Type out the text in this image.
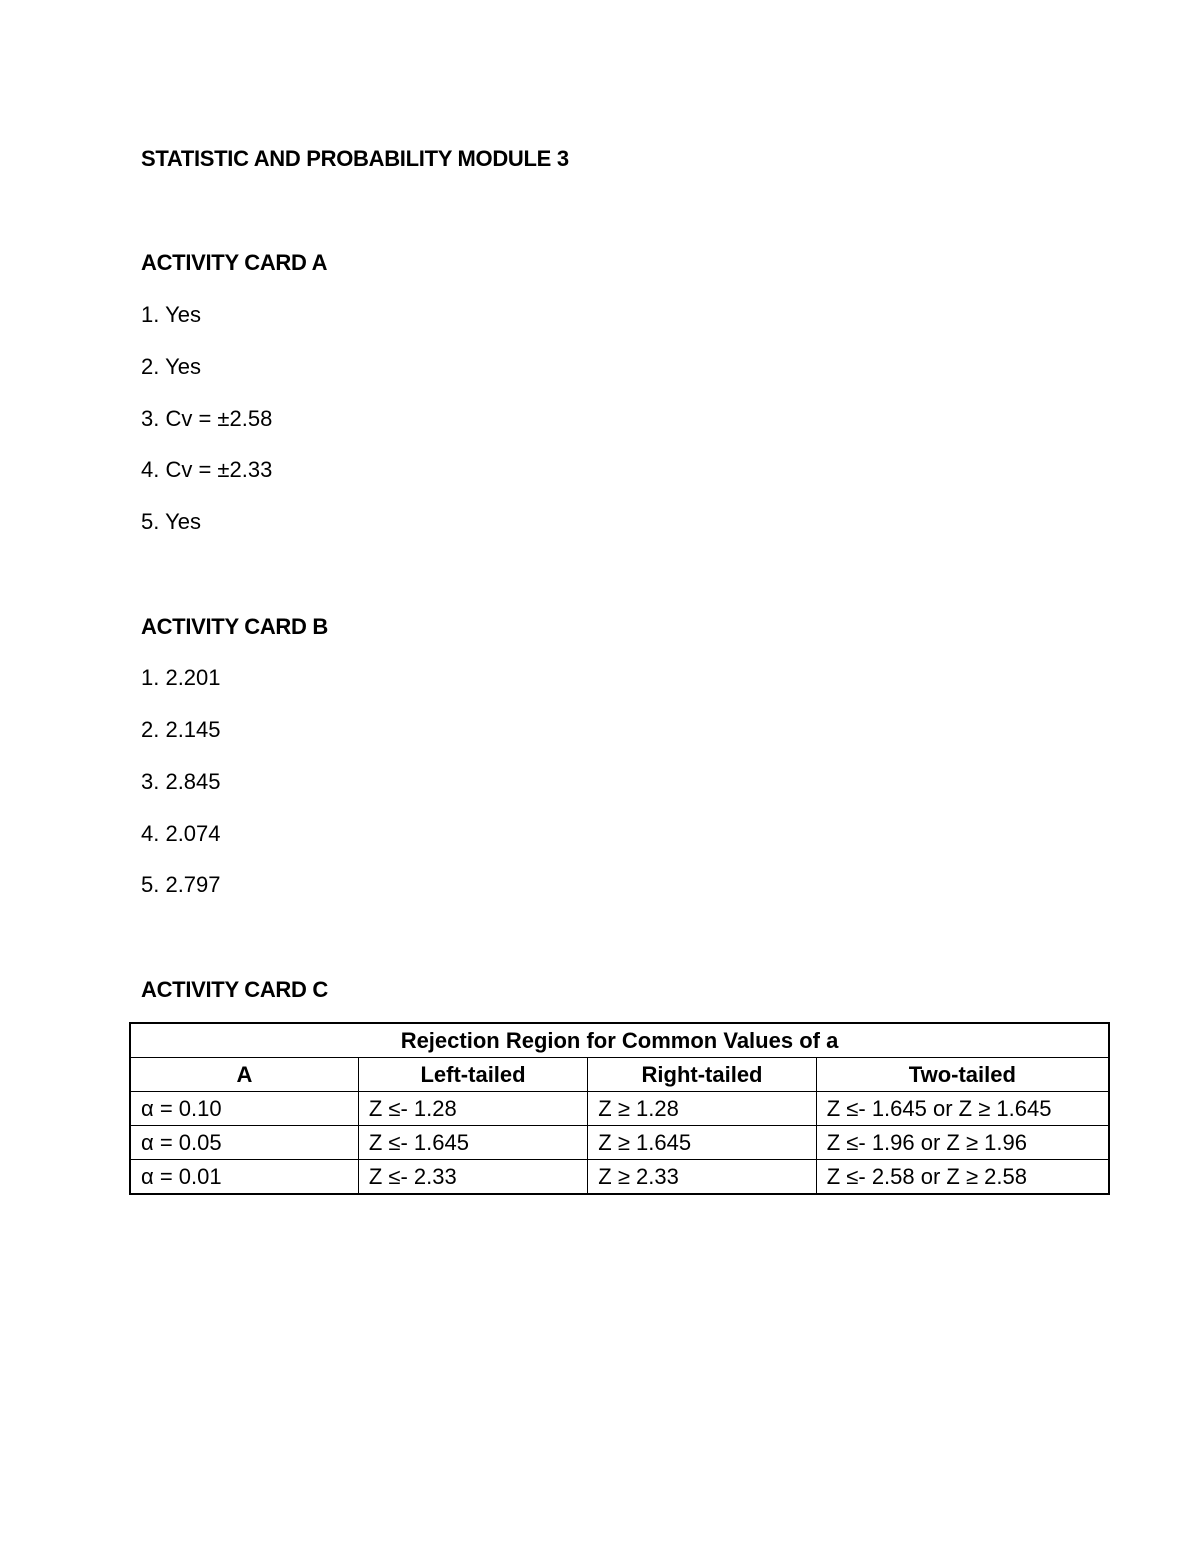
STATISTIC AND PROBABILITY MODULE 3
ACTIVITY CARD A
1. Yes
2. Yes
3. Cv = ±2.58
4. Cv = ±2.33
5. Yes
ACTIVITY CARD B
1. 2.201
2. 2.145
3. 2.845
4. 2.074
5. 2.797
ACTIVITY CARD C
Rejection Region for Common Values of a			
A	Left-tailed	Right-tailed	Two-tailed
α = 0.10	Z ≤- 1.28	Z ≥ 1.28	Z ≤- 1.645 or Z ≥ 1.645
α = 0.05	Z ≤- 1.645	Z ≥ 1.645	Z ≤- 1.96 or Z ≥ 1.96
α = 0.01	Z ≤- 2.33	Z ≥ 2.33	Z ≤- 2.58 or Z ≥ 2.58
